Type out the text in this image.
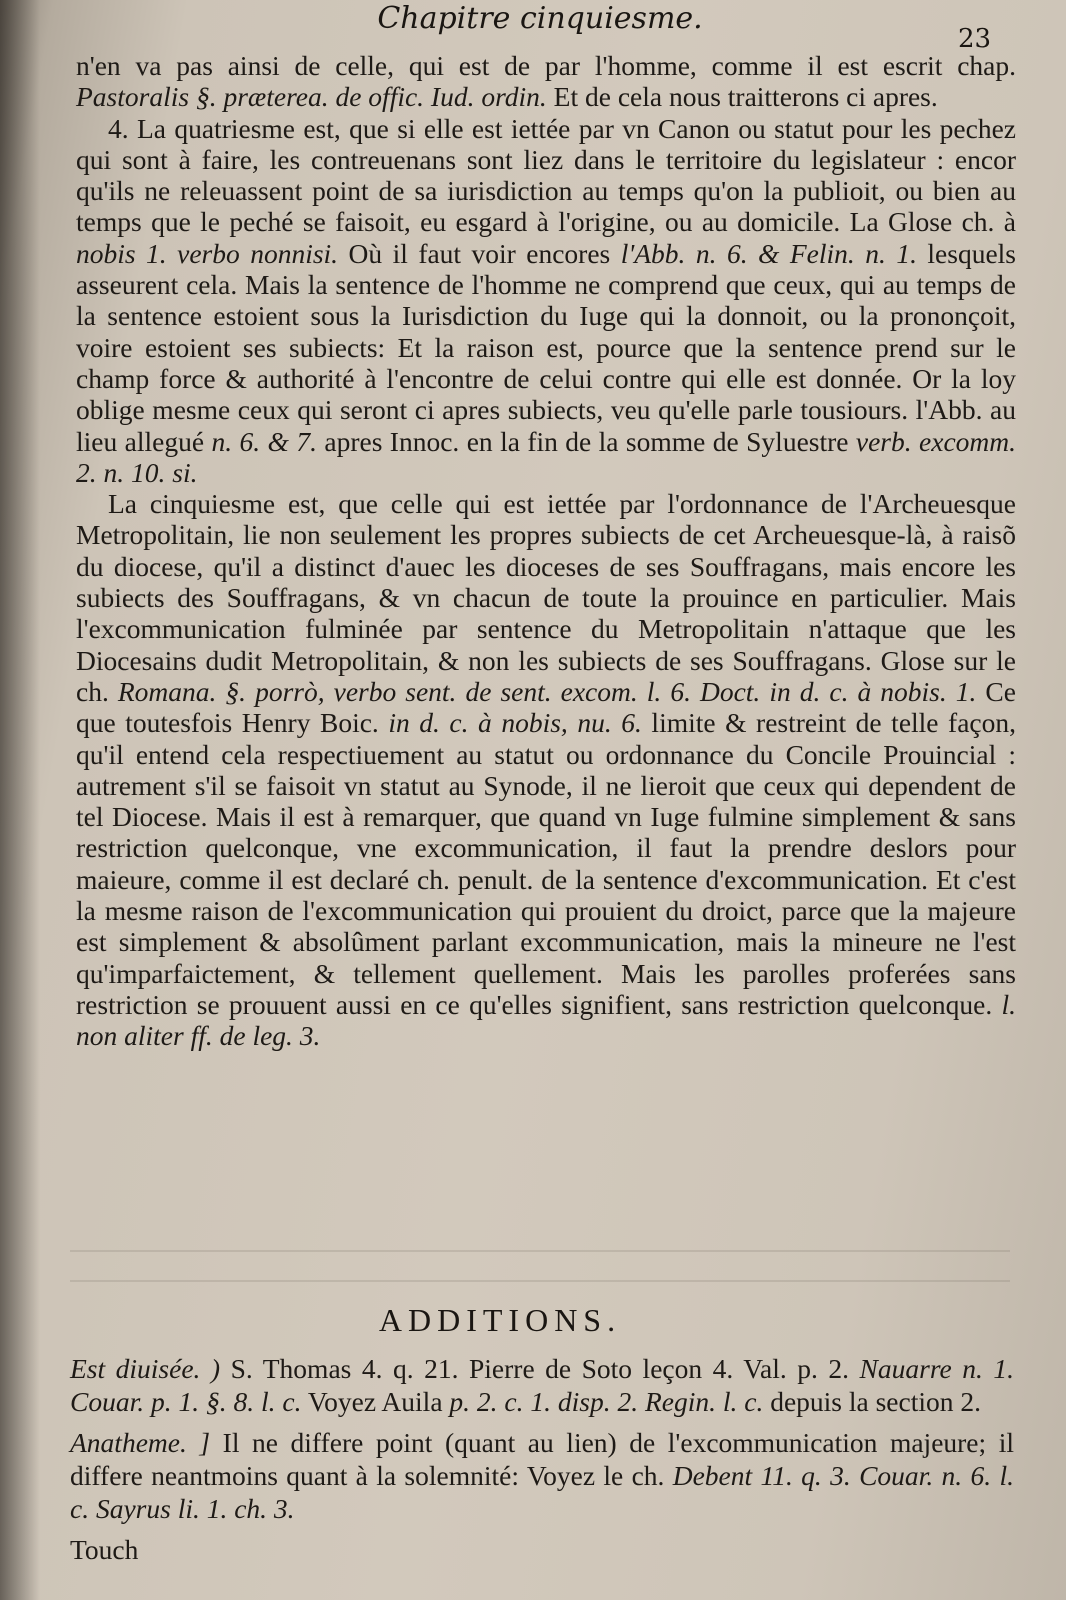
Chapitre cinquiesme.
23

n'en va pas ainsi de celle, qui est de par l'homme, comme il est escrit chap. Pastoralis §. præterea. de offic. Iud. ordin. Et de cela nous traitterons ci apres.

4. La quatriesme est, que si elle est iettée par vn Canon ou statut pour les pechez qui sont à faire, les contreuenans sont liez dans le territoire du legislateur : encor qu'ils ne releuassent point de sa iurisdiction au temps qu'on la publioit, ou bien au temps que le peché se faisoit, eu esgard à l'origine, ou au domicile. La Glose ch. à nobis 1. verbo nonnisi. Où il faut voir encores l'Abb. n. 6. & Felin. n. 1. lesquels asseurent cela. Mais la sentence de l'homme ne comprend que ceux, qui au temps de la sentence estoient sous la Iurisdiction du Iuge qui la donnoit, ou la prononçoit, voire estoient ses subiects: Et la raison est, pource que la sentence prend sur le champ force & authorité à l'encontre de celui contre qui elle est donnée. Or la loy oblige mesme ceux qui seront ci apres subiects, veu qu'elle parle tousiours. l'Abb. au lieu allegué n. 6. & 7. apres Innoc. en la fin de la somme de Syluestre verb. excomm. 2. n. 10. si.

La cinquiesme est, que celle qui est iettée par l'ordonnance de l'Archeuesque Metropolitain, lie non seulement les propres subiects de cet Archeuesque-là, à raisõ du diocese, qu'il a distinct d'auec les dioceses de ses Souffragans, mais encore les subiects des Souffragans, & vn chacun de toute la prouince en particulier. Mais l'excommunication fulminée par sentence du Metropolitain n'attaque que les Diocesains dudit Metropolitain, & non les subiects de ses Souffragans. Glose sur le ch. Romana. §. porrò, verbo sent. de sent. excom. l. 6. Doct. in d. c. à nobis. 1. Ce que toutesfois Henry Boic. in d. c. à nobis, nu. 6. limite & restreint de telle façon, qu'il entend cela respectiuement au statut ou ordonnance du Concile Prouincial : autrement s'il se faisoit vn statut au Synode, il ne lieroit que ceux qui dependent de tel Diocese. Mais il est à remarquer, que quand vn Iuge fulmine simplement & sans restriction quelconque, vne excommunication, il faut la prendre deslors pour maieure, comme il est declaré ch. penult. de la sentence d'excommunication. Et c'est la mesme raison de l'excommunication qui prouient du droict, parce que la majeure est simplement & absolûment parlant excommunication, mais la mineure ne l'est qu'imparfaictement, & tellement quellement. Mais les parolles proferées sans restriction se prouuent aussi en ce qu'elles signifient, sans restriction quelconque. l. non aliter ff. de leg. 3.

ADDITIONS.

Est diuisée. ) S. Thomas 4. q. 21. Pierre de Soto leçon 4. Val. p. 2. Nauarre n. 1. Couar. p. 1. §. 8. l. c. Voyez Auila p. 2. c. 1. disp. 2. Regin. l. c. depuis la section 2.

Anatheme. ] Il ne differe point (quant au lien) de l'excommunication majeure; il differe neantmoins quant à la solemnité: Voyez le ch. Debent 11. q. 3. Couar. n. 6. l. c. Sayrus li. 1. ch. 3.

Touch
